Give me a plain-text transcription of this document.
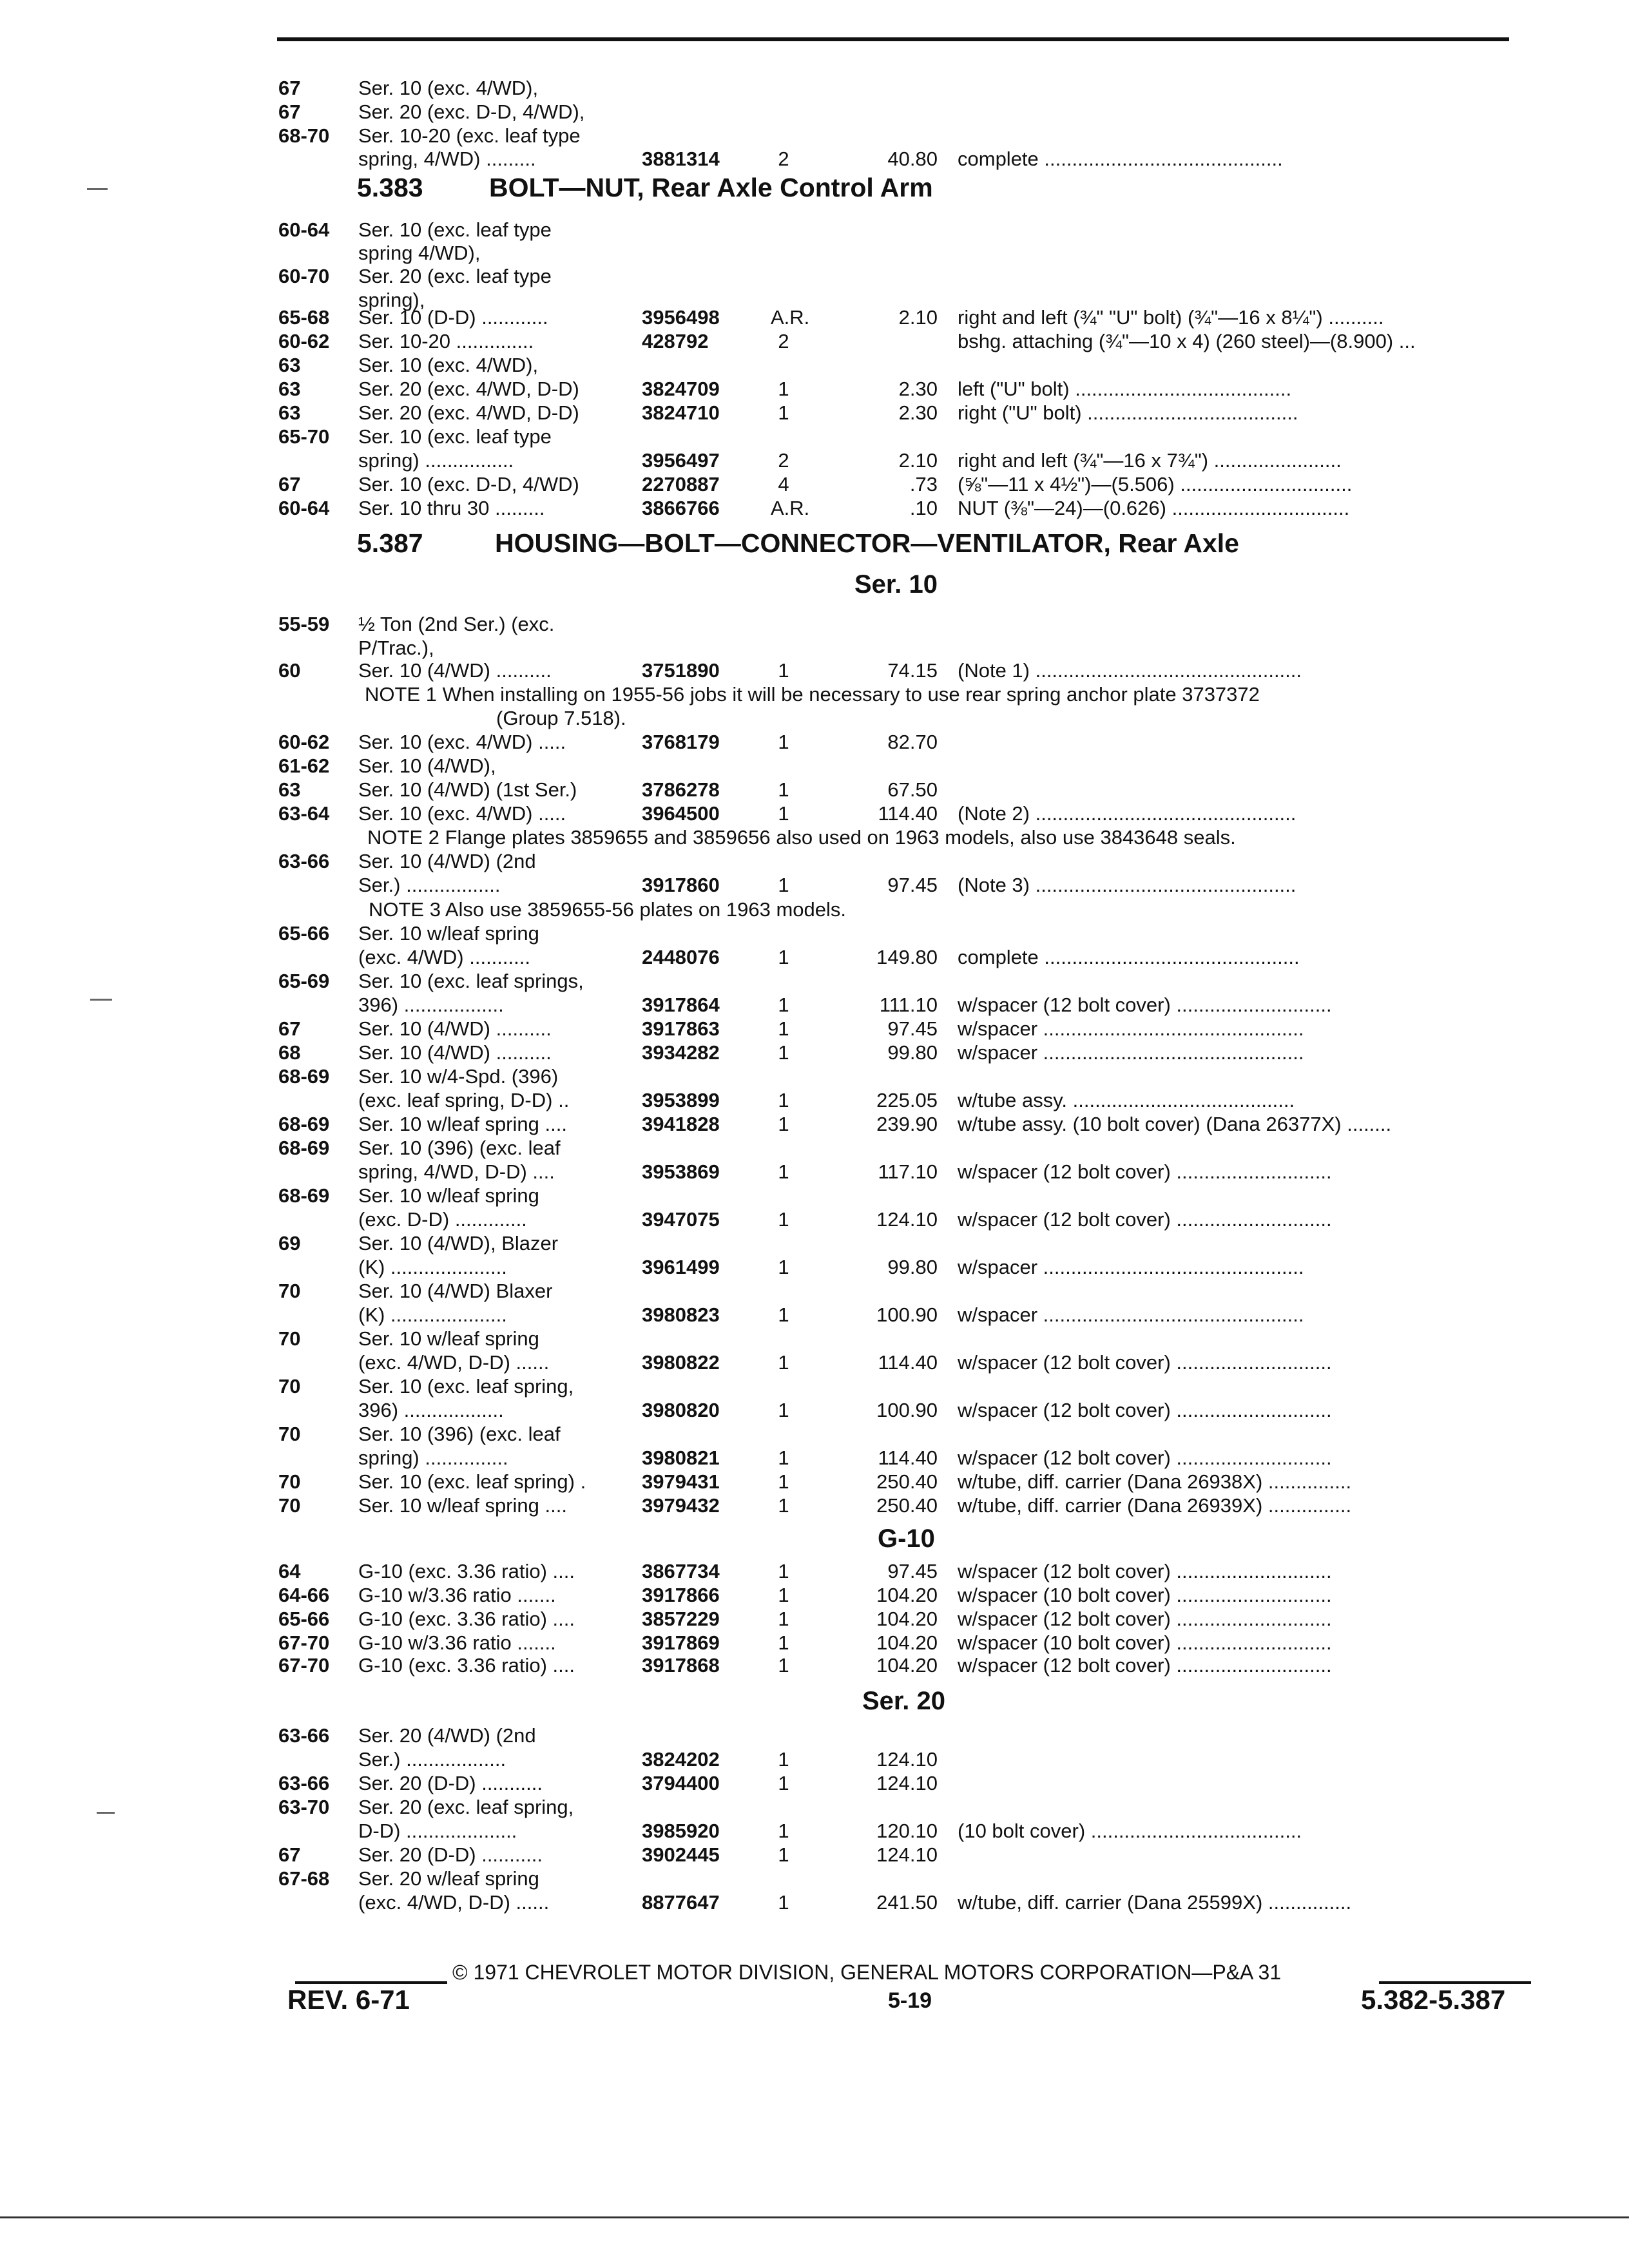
67	Ser. 10 (exc. 4/WD),
67	Ser. 20 (exc. D-D, 4/WD),
68-70 Ser. 10-20 (exc. leaf type
spring, 4/WD) .........	3881314	2	40.80 complete ...........................................
60-64 Ser. 10 (exc. leaf type
spring 4/WD),
60-70 Ser. 20 (exc. leaf type
spring),
65-68 Ser. 10 (D-D) ............	3956498	A.R.	2.10 right and left (¾" "U" bolt) (¾"—16 x 8¼") ..........
60-62 Ser. 10-20 ..............	428792	2	bshg. attaching (¾"—10 x 4) (260 steel)—(8.900) ...
63	Ser. 10 (exc. 4/WD),
63	Ser. 20 (exc. 4/WD, D-D)	3824709	1	2.30 left ("U" bolt) .......................................
63	Ser. 20 (exc. 4/WD, D-D)	3824710	1	2.30 right ("U" bolt) ......................................
65-70 Ser. 10 (exc. leaf type
spring) ................	3956497	2	2.10 right and left (¾"—16 x 7¾") .......................
67	Ser. 10 (exc. D-D, 4/WD)	2270887	4	.73 (⅝"—11 x 4½")—(5.506) ...............................
60-64 Ser. 10 thru 30 .........	3866766	A.R.	.10 NUT (⅜"—24)—(0.626) ................................
55-59 ½ Ton (2nd Ser.) (exc.
P/Trac.),
60	Ser. 10 (4/WD) ..........	3751890	1	74.15 (Note 1) ................................................
60-62 Ser. 10 (exc. 4/WD) .....	3768179	1	82.70
61-62 Ser. 10 (4/WD),
63	Ser. 10 (4/WD) (1st Ser.)	3786278	1	67.50
63-64 Ser. 10 (exc. 4/WD) .....	3964500	1	114.40 (Note 2) ...............................................
63-66 Ser. 10 (4/WD) (2nd
Ser.) .................	3917860	1	97.45 (Note 3) ...............................................
65-66 Ser. 10 w/leaf spring
(exc. 4/WD) ...........	2448076	1	149.80 complete ..............................................
65-69 Ser. 10 (exc. leaf springs,
396) ..................	3917864	1	111.10 w/spacer (12 bolt cover) ............................
67	Ser. 10 (4/WD) ..........	3917863	1	97.45 w/spacer ...............................................
68	Ser. 10 (4/WD) ..........	3934282	1	99.80 w/spacer ...............................................
68-69 Ser. 10 w/4-Spd. (396)
(exc. leaf spring, D-D) ..	3953899	1	225.05 w/tube assy. ........................................
68-69 Ser. 10 w/leaf spring ....	3941828	1	239.90 w/tube assy. (10 bolt cover) (Dana 26377X) ........
68-69 Ser. 10 (396) (exc. leaf
spring, 4/WD, D-D) ....	3953869	1	117.10 w/spacer (12 bolt cover) ............................
68-69 Ser. 10 w/leaf spring
(exc. D-D) .............	3947075	1	124.10 w/spacer (12 bolt cover) ............................
69	Ser. 10 (4/WD), Blazer
(K) .....................	3961499	1	99.80 w/spacer ...............................................
70	Ser. 10 (4/WD) Blaxer
(K) .....................	3980823	1	100.90 w/spacer ...............................................
70	Ser. 10 w/leaf spring
(exc. 4/WD, D-D) ......	3980822	1	114.40 w/spacer (12 bolt cover) ............................
70	Ser. 10 (exc. leaf spring,
396) ..................	3980820	1	100.90 w/spacer (12 bolt cover) ............................
70	Ser. 10 (396) (exc. leaf
spring) ...............	3980821	1	114.40 w/spacer (12 bolt cover) ............................
70	Ser. 10 (exc. leaf spring) .	3979431	1	250.40 w/tube, diff. carrier (Dana 26938X) ...............
70	Ser. 10 w/leaf spring ....	3979432	1	250.40 w/tube, diff. carrier (Dana 26939X) ...............
64	G-10 (exc. 3.36 ratio) ....	3867734	1	97.45 w/spacer (12 bolt cover) ............................
64-66 G-10 w/3.36 ratio .......	3917866	1	104.20 w/spacer (10 bolt cover) ............................
65-66 G-10 (exc. 3.36 ratio) ....	3857229	1	104.20 w/spacer (12 bolt cover) ............................
67-70 G-10 w/3.36 ratio .......	3917869	1	104.20 w/spacer (10 bolt cover) ............................
67-70 G-10 (exc. 3.36 ratio) ....	3917868	1	104.20 w/spacer (12 bolt cover) ............................
63-66 Ser. 20 (4/WD) (2nd
Ser.) ..................	3824202	1	124.10
63-66 Ser. 20 (D-D) ...........	3794400	1	124.10
63-70 Ser. 20 (exc. leaf spring,
D-D) ....................	3985920	1	120.10 (10 bolt cover) ......................................
67	Ser. 20 (D-D) ...........	3902445	1	124.10
67-68 Ser. 20 w/leaf spring
(exc. 4/WD, D-D) ......	8877647	1	241.50 w/tube, diff. carrier (Dana 25599X) ...............
5.383 BOLT—NUT, Rear Axle Control Arm
5.387	HOUSING—BOLT—CONNECTOR—VENTILATOR, Rear Axle
Ser. 10
G-10
Ser. 20
NOTE 1 When installing on 1955-56 jobs it will be necessary to use rear spring anchor plate 3737372
(Group 7.518).
NOTE 2 Flange plates 3859655 and 3859656 also used on 1963 models, also use 3843648 seals.
NOTE 3 Also use 3859655-56 plates on 1963 models.
© 1971 CHEVROLET MOTOR DIVISION, GENERAL MOTORS CORPORATION—P&A 31
REV. 6-71	5-19	5.382-5.387
